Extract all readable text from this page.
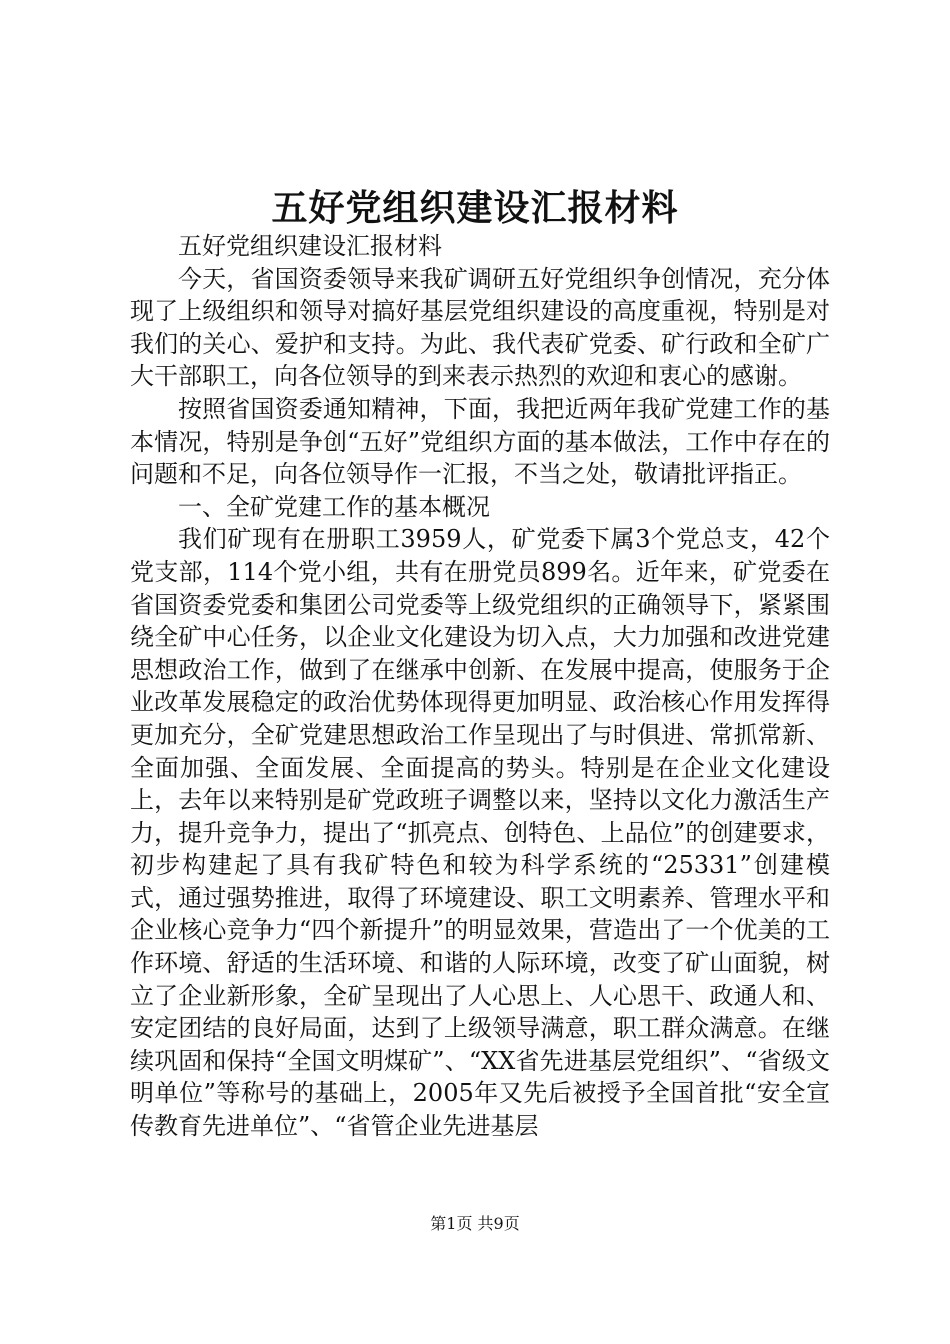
五好党组织建设汇报材料

五好党组织建设汇报材料

今天，省国资委领导来我矿调研五好党组织争创情况，充分体现了上级组织和领导对搞好基层党组织建设的高度重视，特别是对我们的关心、爱护和支持。为此、我代表矿党委、矿行政和全矿广大干部职工，向各位领导的到来表示热烈的欢迎和衷心的感谢。

按照省国资委通知精神，下面，我把近两年我矿党建工作的基本情况，特别是争创“五好”党组织方面的基本做法，工作中存在的问题和不足，向各位领导作一汇报，不当之处，敬请批评指正。

一、全矿党建工作的基本概况

我们矿现有在册职工3959人，矿党委下属3个党总支，42个党支部，114个党小组，共有在册党员899名。近年来，矿党委在省国资委党委和集团公司党委等上级党组织的正确领导下，紧紧围绕全矿中心任务，以企业文化建设为切入点，大力加强和改进党建思想政治工作，做到了在继承中创新、在发展中提高，使服务于企业改革发展稳定的政治优势体现得更加明显、政治核心作用发挥得更加充分，全矿党建思想政治工作呈现出了与时俱进、常抓常新、全面加强、全面发展、全面提高的势头。特别是在企业文化建设上，去年以来特别是矿党政班子调整以来，坚持以文化力激活生产力，提升竞争力，提出了“抓亮点、创特色、上品位”的创建要求，初步构建起了具有我矿特色和较为科学系统的“25331”创建模式，通过强势推进，取得了环境建设、职工文明素养、管理水平和企业核心竞争力“四个新提升”的明显效果，营造出了一个优美的工作环境、舒适的生活环境、和谐的人际环境，改变了矿山面貌，树立了企业新形象，全矿呈现出了人心思上、人心思干、政通人和、安定团结的良好局面，达到了上级领导满意，职工群众满意。在继续巩固和保持“全国文明煤矿”、“XX省先进基层党组织”、“省级文明单位”等称号的基础上，2005年又先后被授予全国首批“安全宣传教育先进单位”、“省管企业先进基层

第1页 共9页
